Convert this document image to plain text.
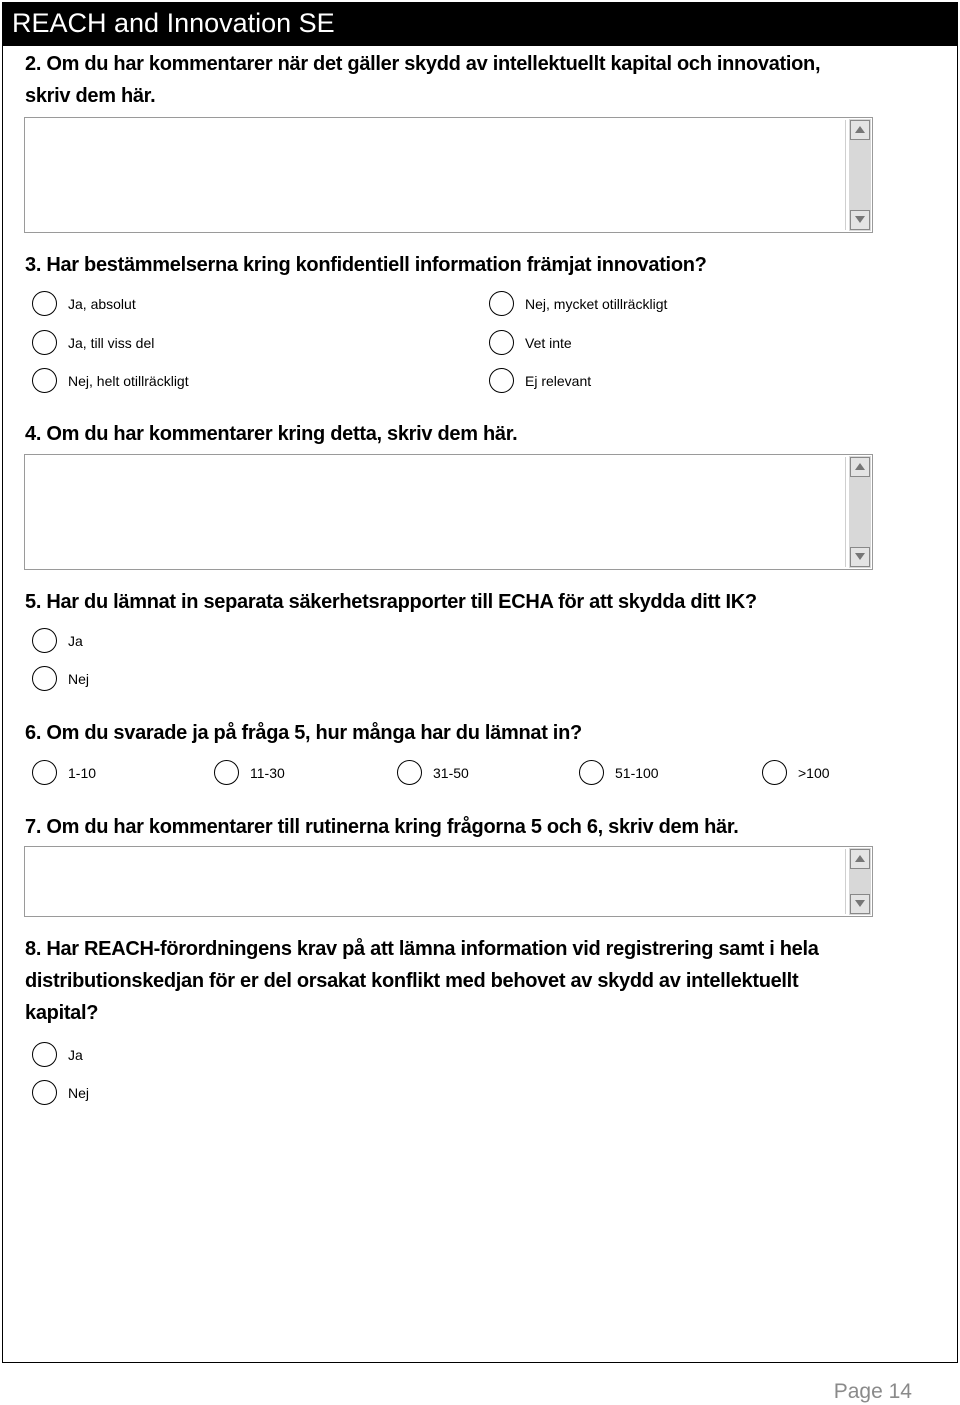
REACH and Innovation SE

2. Om du har kommentarer när det gäller skydd av intellektuellt kapital och innovation,

skriv dem här.

3. Har bestämmelserna kring konfidentiell information främjat innovation?

Ja, absolut
Ja, till viss del
Nej, helt otillräckligt
Nej, mycket otillräckligt
Vet inte
Ej relevant

4. Om du har kommentarer kring detta, skriv dem här.

5. Har du lämnat in separata säkerhetsrapporter till ECHA för att skydda ditt IK?

Ja
Nej

6. Om du svarade ja på fråga 5, hur många har du lämnat in?

1-10	11-30	31-50	51-100	>100

7. Om du har kommentarer till rutinerna kring frågorna 5 och 6, skriv dem här.

8. Har REACH-förordningens krav på att lämna information vid registrering samt i hela

distributionskedjan för er del orsakat konflikt med behovet av skydd av intellektuellt

kapital?

Ja
Nej
Page 14
